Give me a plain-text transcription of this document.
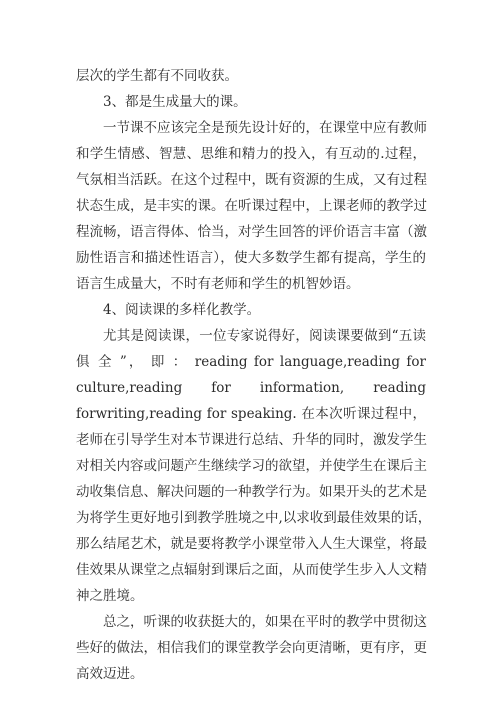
层次的学生都有不同收获。
3、都是生成量大的课。
一节课不应该完全是预先设计好的，在课堂中应有教师
和学生情感、智慧、思维和精力的投入，有互动的.过程，
气氛相当活跃。在这个过程中，既有资源的生成，又有过程
状态生成，是丰实的课。在听课过程中，上课老师的教学过
程流畅，语言得体、恰当，对学生回答的评价语言丰富（激
励性语言和描述性语言），使大多数学生都有提高，学生的
语言生成量大，不时有老师和学生的机智妙语。
4、阅读课的多样化教学。
尤其是阅读课，一位专家说得好，阅读课要做到“五读
俱 全 ”， 即 ： reading for language,reading for
culture,reading for information, reading
forwriting,reading for speaking. 在本次听课过程中，
老师在引导学生对本节课进行总结、升华的同时，激发学生
对相关内容或问题产生继续学习的欲望，并使学生在课后主
动收集信息、解决问题的一种教学行为。如果开头的艺术是
为将学生更好地引到教学胜境之中,以求收到最佳效果的话，
那么结尾艺术，就是要将教学小课堂带入人生大课堂，将最
佳效果从课堂之点辐射到课后之面，从而使学生步入人文精
神之胜境。
总之，听课的收获挺大的，如果在平时的教学中贯彻这
些好的做法，相信我们的课堂教学会向更清晰，更有序，更
高效迈进。
